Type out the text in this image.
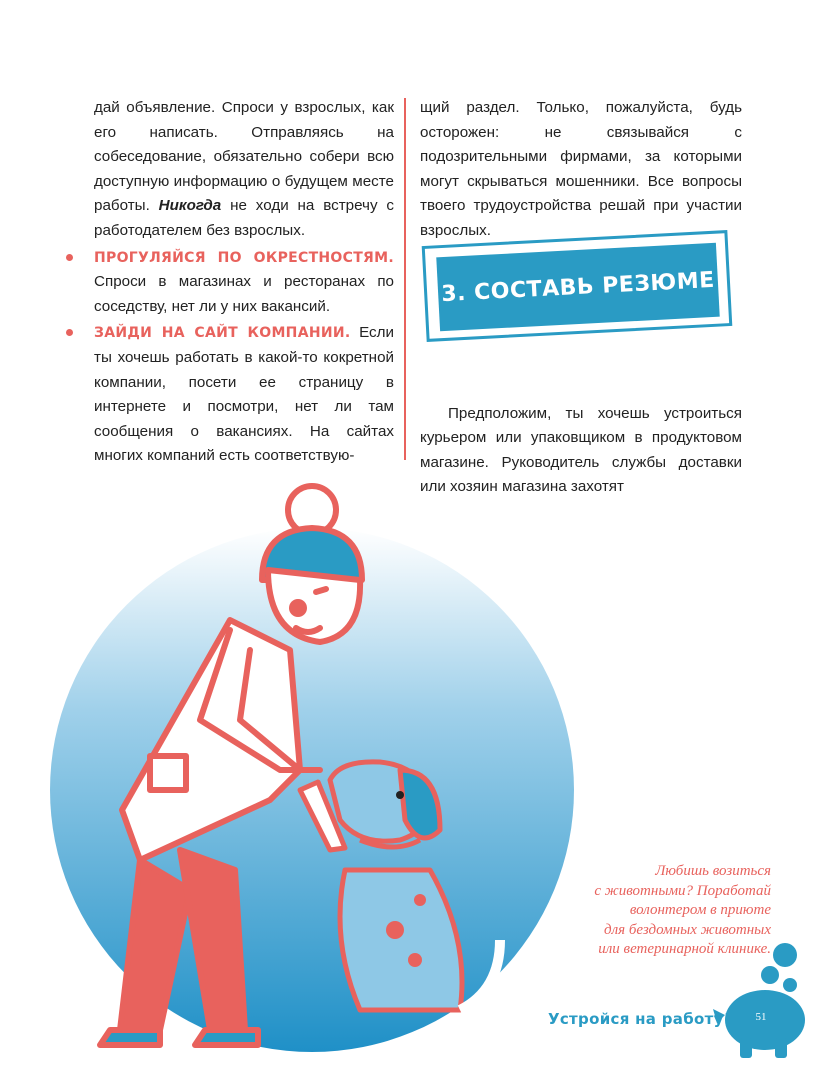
дай объявление. Спроси у взрослых, как его написать. Отправляясь на собеседование, обязательно собери всю доступную информацию о будущем месте работы. Никогда не ходи на встречу с работодателем без взрослых.

ПРОГУЛЯЙСЯ ПО ОКРЕСТНОСТЯМ. Спроси в магазинах и ресторанах по соседству, нет ли у них вакансий.

ЗАЙДИ НА САЙТ КОМПАНИИ. Если ты хочешь работать в какой-то кокретной компании, посети ее страницу в интернете и посмотри, нет ли там сообщения о вакансиях. На сайтах многих компаний есть соответствую-

щий раздел. Только, пожалуйста, будь осторожен: не связывайся с подозрительными фирмами, за которыми могут скрываться мошенники. Все вопросы твоего трудоустройства решай при участии взрослых.

Предположим, ты хочешь устроиться курьером или упаковщиком в продуктовом магазине. Руководитель службы доставки или хозяин магазина захотят

3. СОСТАВЬ РЕЗЮМЕ
Любишь возиться
с животными? Поработай
волонтером в приюте
для бездомных животных
или ветеринарной клинике.
Устройся на работу!	51
